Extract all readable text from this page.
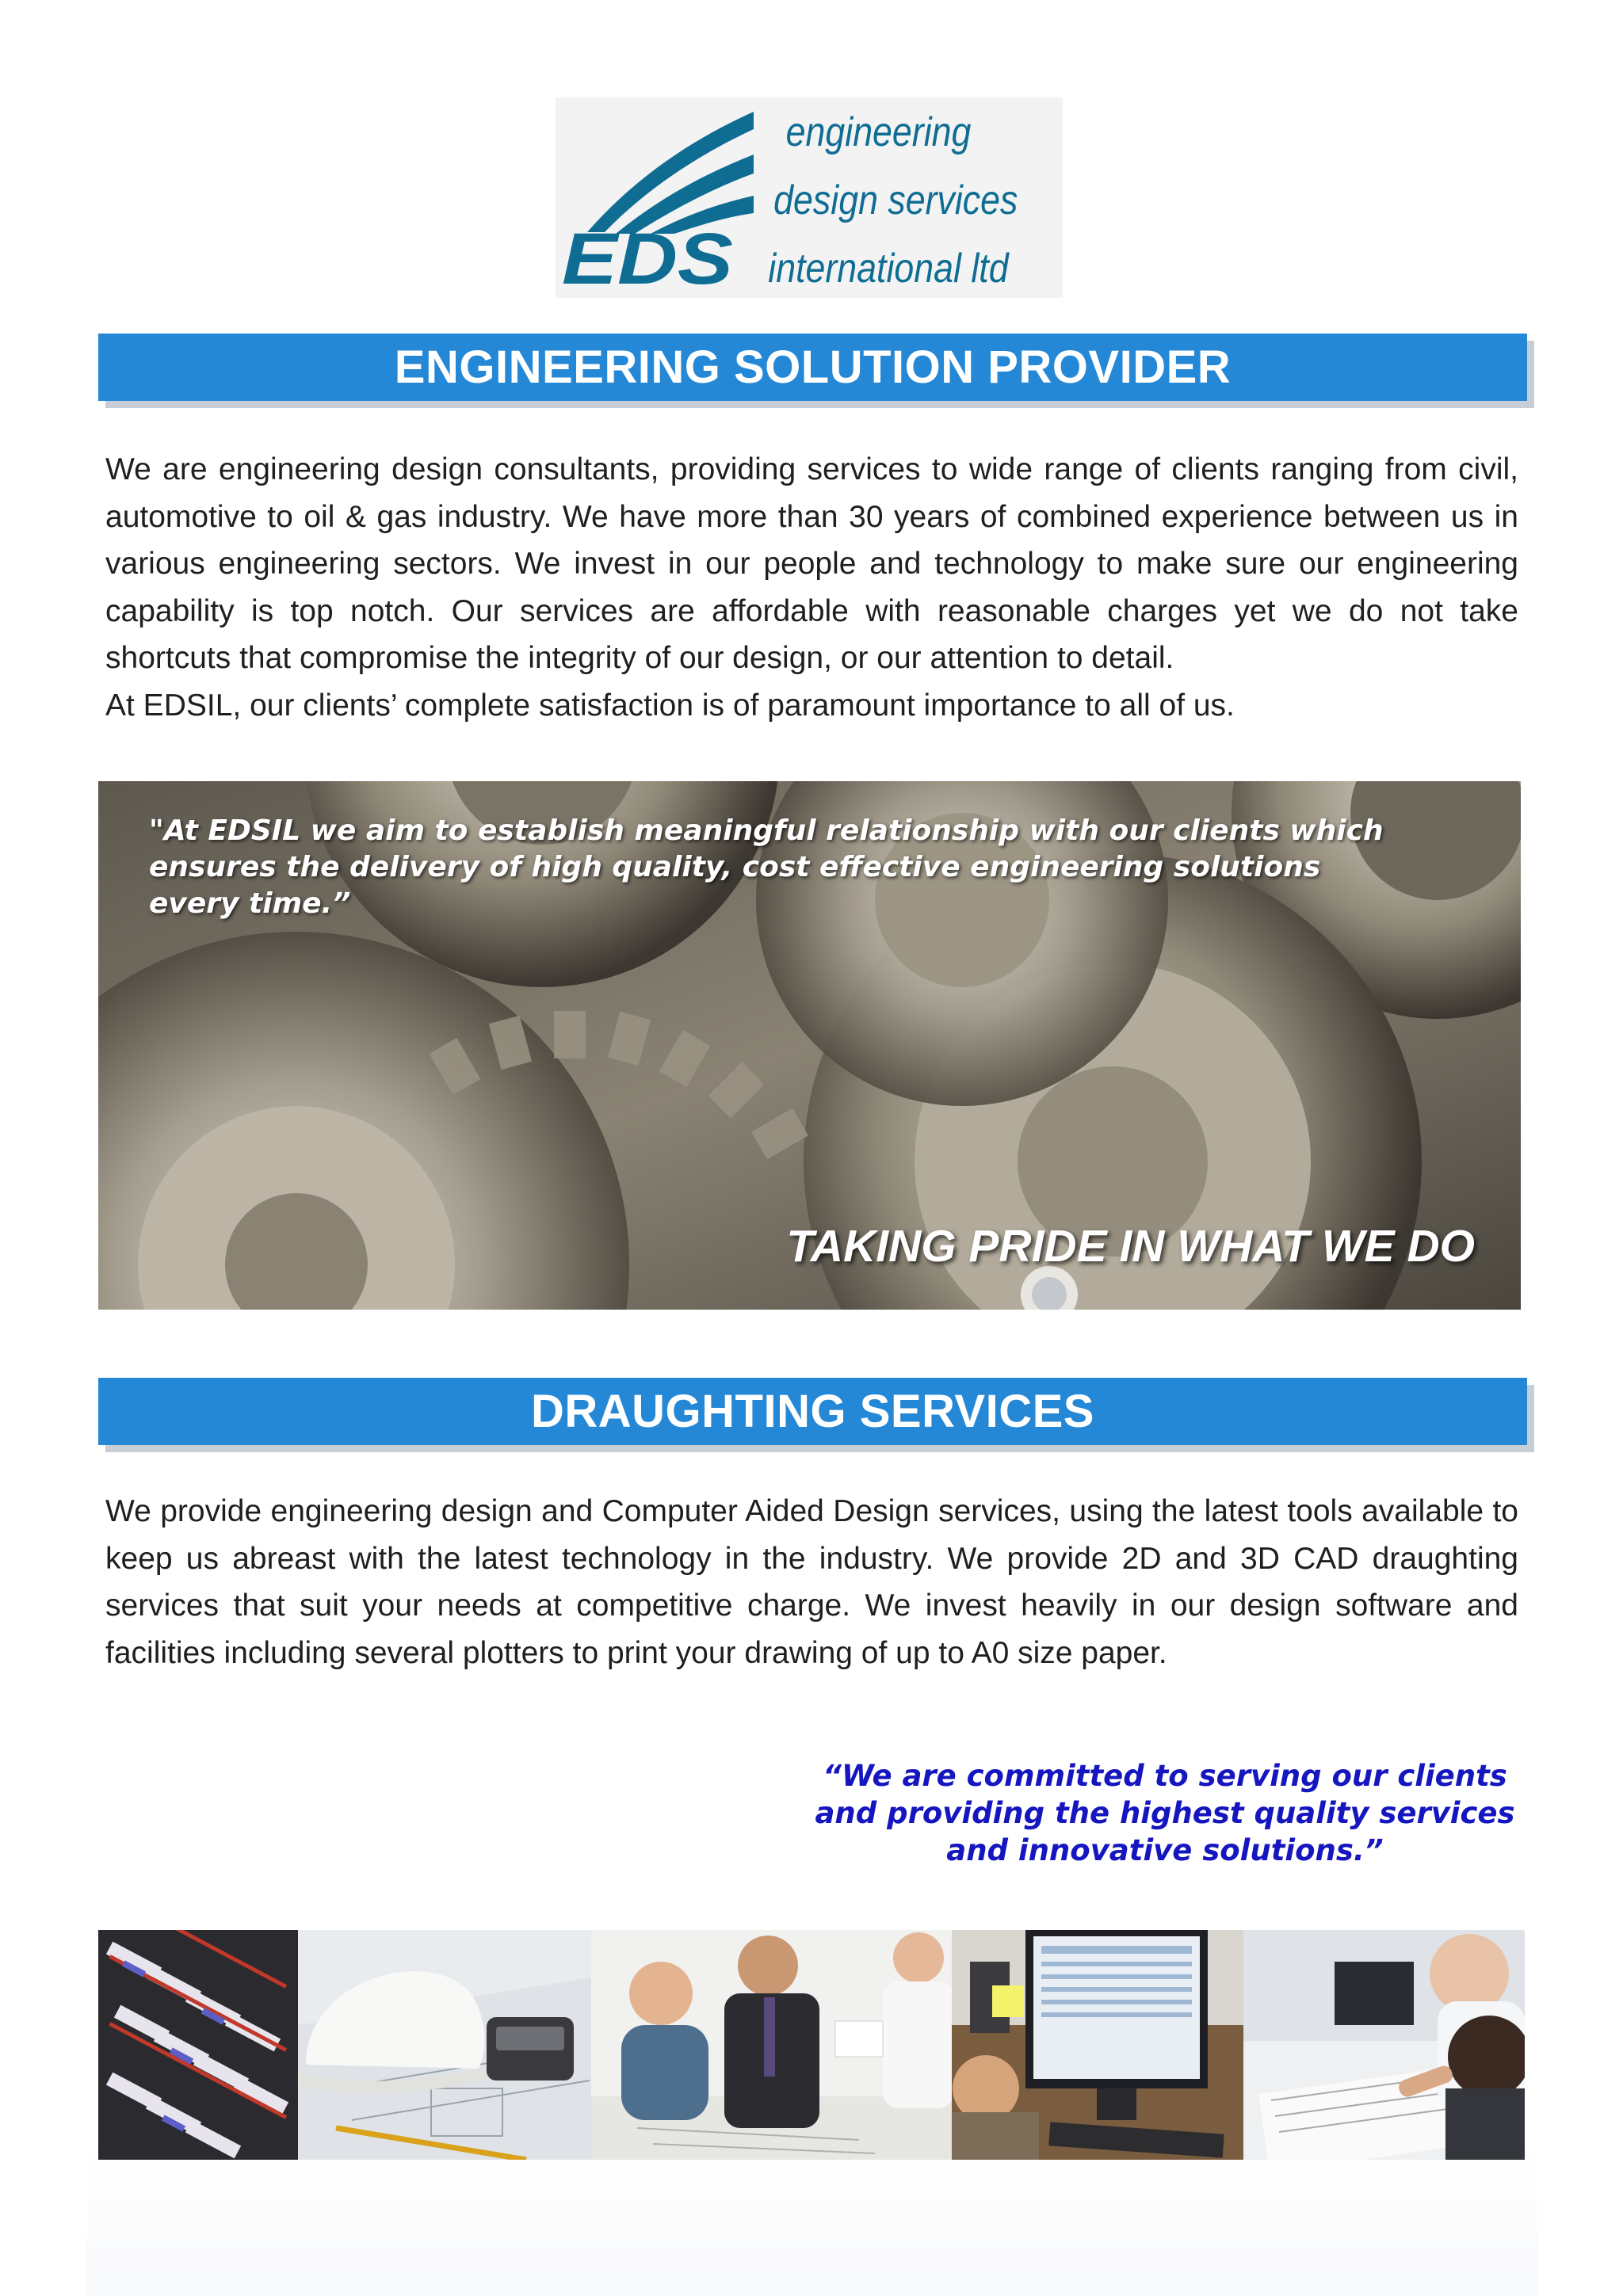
EDS
engineering
design services
international ltd
ENGINEERING SOLUTION PROVIDER

We are engineering design consultants, providing services to wide range of clients ranging from civil, automotive to oil & gas industry. We have more than 30 years of combined experience between us in various engineering sectors. We invest in our people and technology to make sure our engineering capability is top notch. Our services are affordable with reasonable charges yet we do not take shortcuts that compromise the integrity of our design, or our attention to detail.

At EDSIL, our clients’ complete satisfaction is of paramount importance to all of us.

"At EDSIL we aim to establish meaningful relationship with our clients which
ensures the delivery of high quality, cost effective engineering solutions
every time.”
TAKING PRIDE IN WHAT WE DO
DRAUGHTING SERVICES
We provide engineering design and Computer Aided Design services, using the latest tools available to keep us abreast with the latest technology in the industry. We provide 2D and 3D CAD draughting services that suit your needs at competitive charge. We invest heavily in our design software and facilities including several plotters to print your drawing of up to A0 size paper.
“We are committed to serving our clients
and providing the highest quality services
and innovative solutions.”
